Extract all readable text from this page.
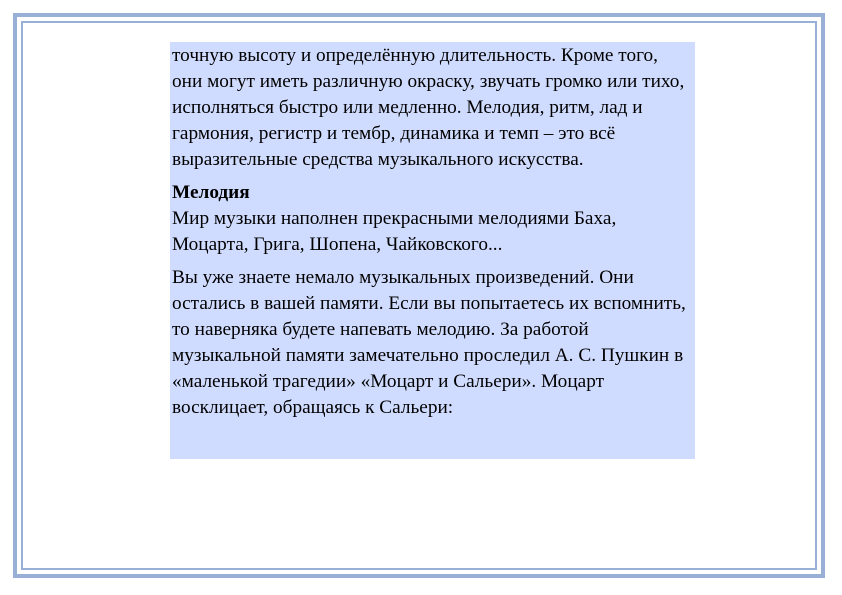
точную высоту и определённую длительность. Кроме того, они могут иметь различную окраску, звучать громко или тихо, исполняться быстро или медленно. Мелодия, ритм, лад и гармония, регистр и тембр, динамика и темп – это всё выразительные средства музыкального искусства.

Мелодия

Мир музыки наполнен прекрасными мелодиями Баха, Моцарта, Грига, Шопена, Чайковского...

Вы уже знаете немало музыкальных произведений. Они остались в вашей памяти. Если вы попытаетесь их вспомнить, то наверняка будете напевать мелодию. За работой музыкальной памяти замечательно проследил А. С. Пушкин в «маленькой трагедии» «Моцарт и Сальери». Моцарт восклицает, обращаясь к Сальери:
